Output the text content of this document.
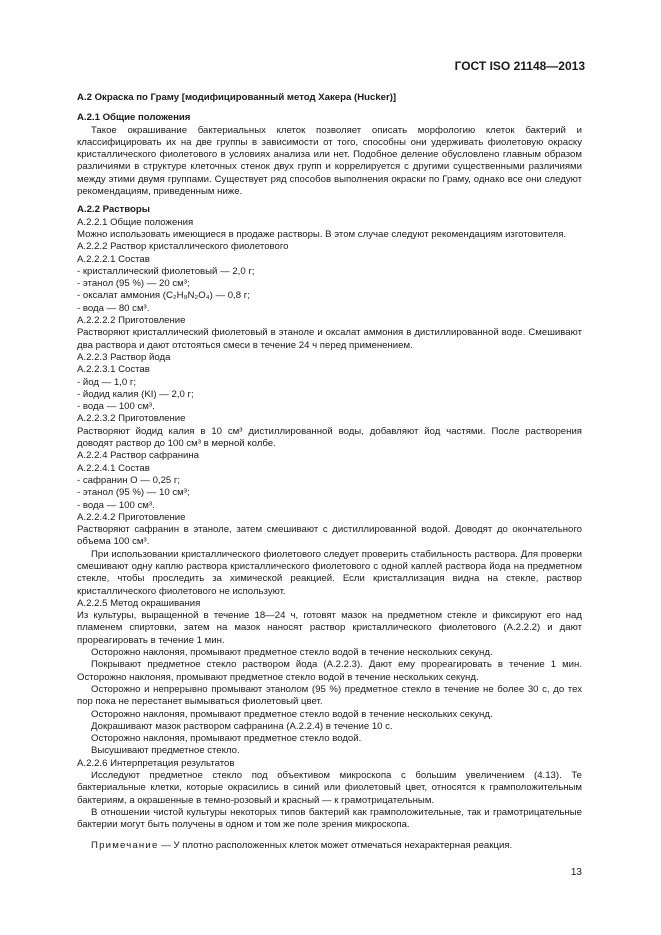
ГОСТ ISO 21148—2013

A.2 Окраска по Граму [модифицированный метод Хакера (Hucker)]

А.2.1 Общие положения

Такое окрашивание бактериальных клеток позволяет описать морфологию клеток бактерий и классифицировать их на две группы в зависимости от того, способны они удерживать фиолетовую окраску кристаллического фиолетового в условиях анализа или нет. Подобное деление обусловлено главным образом различиями в структуре клеточных стенок двух групп и коррелируется с другими существенными различиями между этими двумя группами. Существует ряд способов выполнения окраски по Граму, однако все они следуют рекомендациям, приведенным ниже.

А.2.2 Растворы

А.2.2.1 Общие положения

Можно использовать имеющиеся в продаже растворы. В этом случае следуют рекомендациям изготовителя.

А.2.2.2 Раствор кристаллического фиолетового

А.2.2.2.1 Состав

- кристаллический фиолетовый — 2,0 г;

- этанол (95 %) — 20 см³;

- оксалат аммония (C₂H₈N₂O₄) — 0,8 г;

- вода — 80 см³.

А.2.2.2.2 Приготовление

Растворяют кристаллический фиолетовый в этаноле и оксалат аммония в дистиллированной воде. Смешивают два раствора и дают отстояться смеси в течение 24 ч перед применением.

А.2.2.3 Раствор йода

А.2.2.3.1 Состав

- йод — 1,0 г;

- йодид калия (KI) — 2,0 г;

- вода — 100 см³.

А.2.2.3.2 Приготовление

Растворяют йодид калия в 10 см³ дистиллированной воды, добавляют йод частями. После растворения доводят раствор до 100 см³ в мерной колбе.

А.2.2.4 Раствор сафранина

А.2.2.4.1 Состав

- сафранин О — 0,25 г;

- этанол (95 %) — 10 см³;

- вода — 100 см³.

А.2.2.4.2 Приготовление

Растворяют сафранин в этаноле, затем смешивают с дистиллированной водой. Доводят до окончательного объема 100 см³.

При использовании кристаллического фиолетового следует проверить стабильность раствора. Для проверки смешивают одну каплю раствора кристаллического фиолетового с одной каплей раствора йода на предметном стекле, чтобы проследить за химической реакцией. Если кристаллизация видна на стекле, раствор кристаллического фиолетового не используют.

А.2.2.5 Метод окрашивания

Из культуры, выращенной в течение 18—24 ч, готовят мазок на предметном стекле и фиксируют его над пламенем спиртовки, затем на мазок наносят раствор кристаллического фиолетового (А.2.2.2) и дают прореагировать в течение 1 мин.

Осторожно наклоняя, промывают предметное стекло водой в течение нескольких секунд.

Покрывают предметное стекло раствором йода (А.2.2.3). Дают ему прореагировать в течение 1 мин. Осторожно наклоняя, промывают предметное стекло водой в течение нескольких секунд.

Осторожно и непрерывно промывают этанолом (95 %) предметное стекло в течение не более 30 с, до тех пор пока не перестанет вымываться фиолетовый цвет.

Осторожно наклоняя, промывают предметное стекло водой в течение нескольких секунд.

Докрашивают мазок раствором сафранина (А.2.2.4) в течение 10 с.

Осторожно наклоняя, промывают предметное стекло водой.

Высушивают предметное стекло.

А.2.2.6 Интерпретация результатов

Исследуют предметное стекло под объективом микроскопа с большим увеличением (4.13). Те бактериальные клетки, которые окрасились в синий или фиолетовый цвет, относятся к грамположительным бактериям, а окрашенные в темно-розовый и красный — к грамотрицательным.

В отношении чистой культуры некоторых типов бактерий как грамположительные, так и грамотрицательные бактерии могут быть получены в одном и том же поле зрения микроскопа.

Примечание — У плотно расположенных клеток может отмечаться нехарактерная реакция.

13
